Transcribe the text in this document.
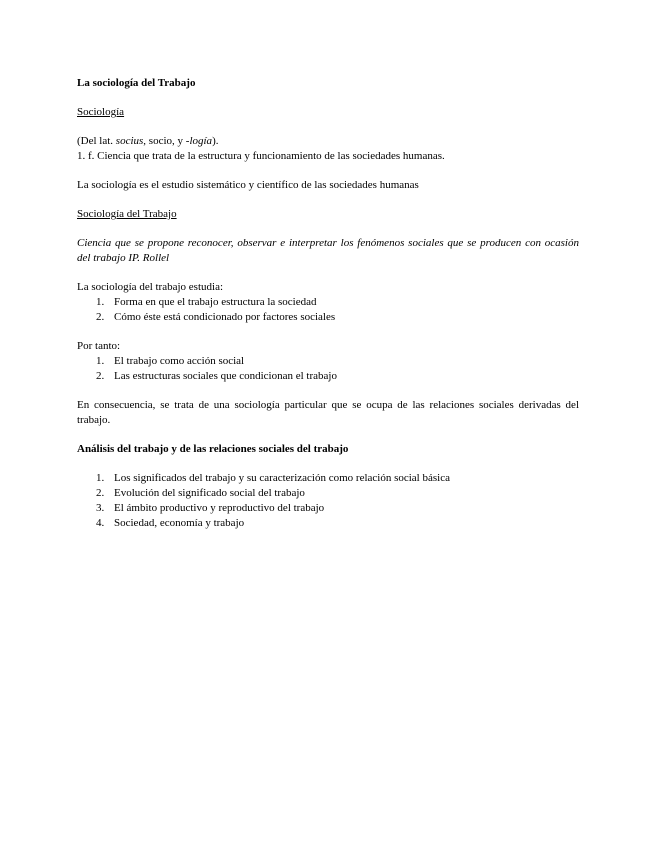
La sociología del Trabajo

Sociología

(Del lat. socius, socio, y -logía).

1. f. Ciencia que trata de la estructura y funcionamiento de las sociedades humanas.

La sociología es el estudio sistemático y científico de las sociedades humanas

Sociología del Trabajo

Ciencia que se propone reconocer, observar e interpretar los fenómenos sociales que se producen con ocasión del trabajo IP. Rollel

La sociología del trabajo estudia:

1. Forma en que el trabajo estructura la sociedad
2. Cómo éste está condicionado por factores sociales

Por tanto:

1. El trabajo como acción social
2. Las estructuras sociales que condicionan el trabajo

En consecuencia, se trata de una sociología particular que se ocupa de las relaciones sociales derivadas del trabajo.

Análisis del trabajo y de las relaciones sociales del trabajo

1. Los significados del trabajo y su caracterización como relación social básica
2. Evolución del significado social del trabajo
3. El ámbito productivo y reproductivo del trabajo
4. Sociedad, economía y trabajo
